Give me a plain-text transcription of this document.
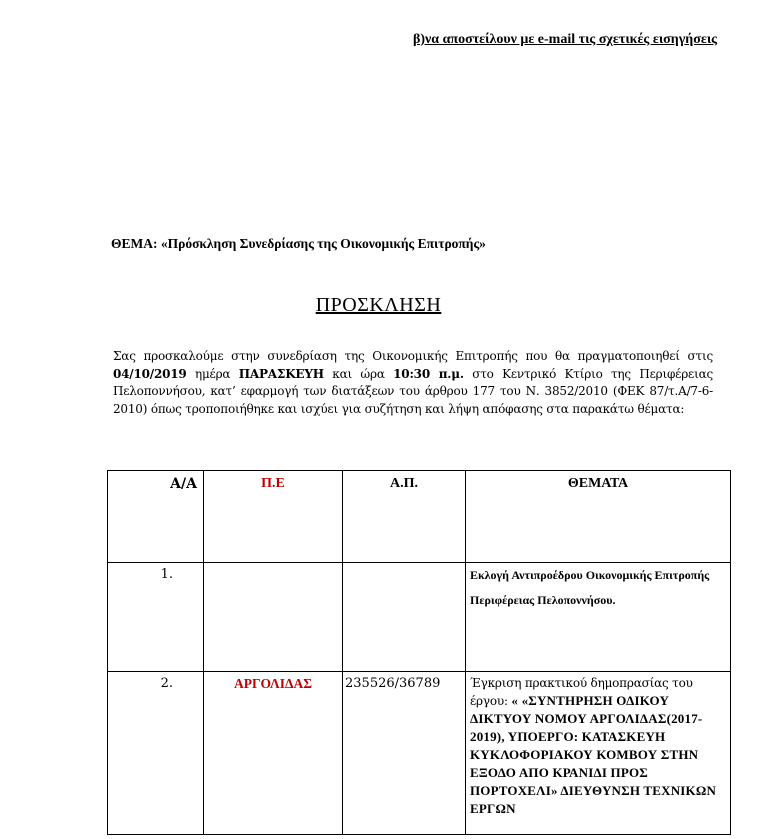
β)να αποστείλουν με e-mail τις σχετικές εισηγήσεις
ΘΕΜΑ: «Πρόσκληση Συνεδρίασης της Οικονομικής Επιτροπής»
ΠΡΟΣΚΛΗΣΗ
Σας προσκαλούμε στην συνεδρίαση της Οικονομικής Επιτροπής που θα πραγματοποιηθεί στις 04/10/2019 ημέρα ΠΑΡΑΣΚΕΥΗ και ώρα 10:30 π.μ. στο Κεντρικό Κτίριο της Περιφέρειας Πελοποννήσου, κατ’ εφαρμογή των διατάξεων του άρθρου 177 του Ν. 3852/2010 (ΦΕΚ 87/τ.Α/7-6-2010) όπως τροποποιήθηκε και ισχύει για συζήτηση και λήψη απόφασης στα παρακάτω θέματα:
Α/Α	Π.Ε	Α.Π.	ΘΕΜΑΤΑ
1.			Εκλογή Αντιπροέδρου Οικονομικής Επιτροπής Περιφέρειας Πελοποννήσου.
2.	ΑΡΓΟΛΙΔΑΣ	235526/36789	Έγκριση πρακτικού δημοπρασίας του έργου: « «ΣΥΝΤΗΡΗΣΗ ΟΔΙΚΟΥ ΔΙΚΤΥΟΥ ΝΟΜΟΥ ΑΡΓΟΛΙΔΑΣ(2017-2019), ΥΠΟΕΡΓΟ: ΚΑΤΑΣΚΕΥΗ ΚΥΚΛΟΦΟΡΙΑΚΟΥ ΚΟΜΒΟΥ ΣΤΗΝ ΕΞΟΔΟ ΑΠΟ ΚΡΑΝΙΔΙ ΠΡΟΣ ΠΟΡΤΟΧΕΛΙ» ΔΙΕΥΘΥΝΣΗ ΤΕΧΝΙΚΩΝ ΕΡΓΩΝ
